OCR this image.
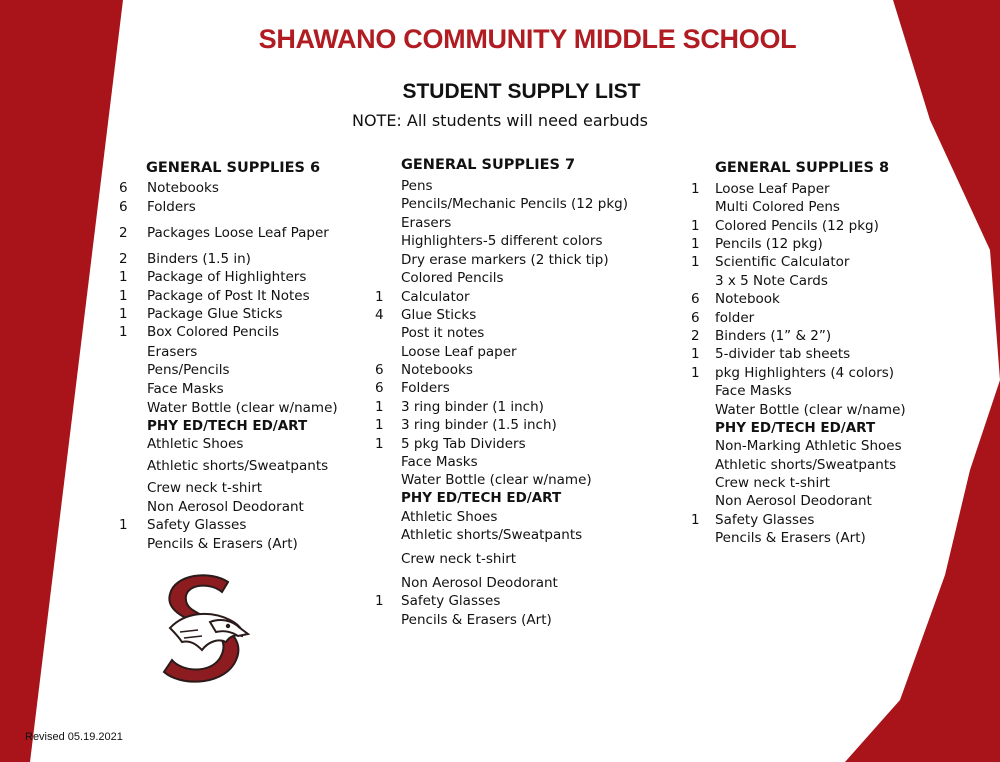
SHAWANO COMMUNITY MIDDLE SCHOOL
STUDENT SUPPLY LIST
NOTE: All students will need earbuds
GENERAL SUPPLIES 6	GENERAL SUPPLIES 7	GENERAL SUPPLIES 8
6 Notebooks
6 Folders
2 Packages Loose Leaf Paper
2 Binders (1.5 in)
1 Package of Highlighters
1 Package of Post It Notes
1 Package Glue Sticks
1 Box Colored Pencils
Erasers
Pens/Pencils
Face Masks
Water Bottle (clear w/name)
PHY ED/TECH ED/ART
Athletic Shoes
Athletic shorts/Sweatpants
Crew neck t-shirt
Non Aerosol Deodorant
1 Safety Glasses
Pencils & Erasers (Art)
Pens
Pencils/Mechanic Pencils (12 pkg)
Erasers
Highlighters-5 different colors
Dry erase markers (2 thick tip)
Colored Pencils
1 Calculator
4 Glue Sticks
Post it notes
Loose Leaf paper
6 Notebooks
6 Folders
1 3 ring binder (1 inch)
1 3 ring binder (1.5 inch)
1 5 pkg Tab Dividers
Face Masks
Water Bottle (clear w/name)
PHY ED/TECH ED/ART
Athletic Shoes
Athletic shorts/Sweatpants
Crew neck t-shirt
Non Aerosol Deodorant
1 Safety Glasses
Pencils & Erasers (Art)
1 Loose Leaf Paper
Multi Colored Pens
1 Colored Pencils (12 pkg)
1 Pencils (12 pkg)
1 Scientific Calculator
3 x 5 Note Cards
6 Notebook
6 folder
2 Binders (1” & 2”)
1 5-divider tab sheets
1 pkg Highlighters (4 colors)
Face Masks
Water Bottle (clear w/name)
PHY ED/TECH ED/ART
Non-Marking Athletic Shoes
Athletic shorts/Sweatpants
Crew neck t-shirt
Non Aerosol Deodorant
1 Safety Glasses
Pencils & Erasers (Art)
Revised 05.19.2021
